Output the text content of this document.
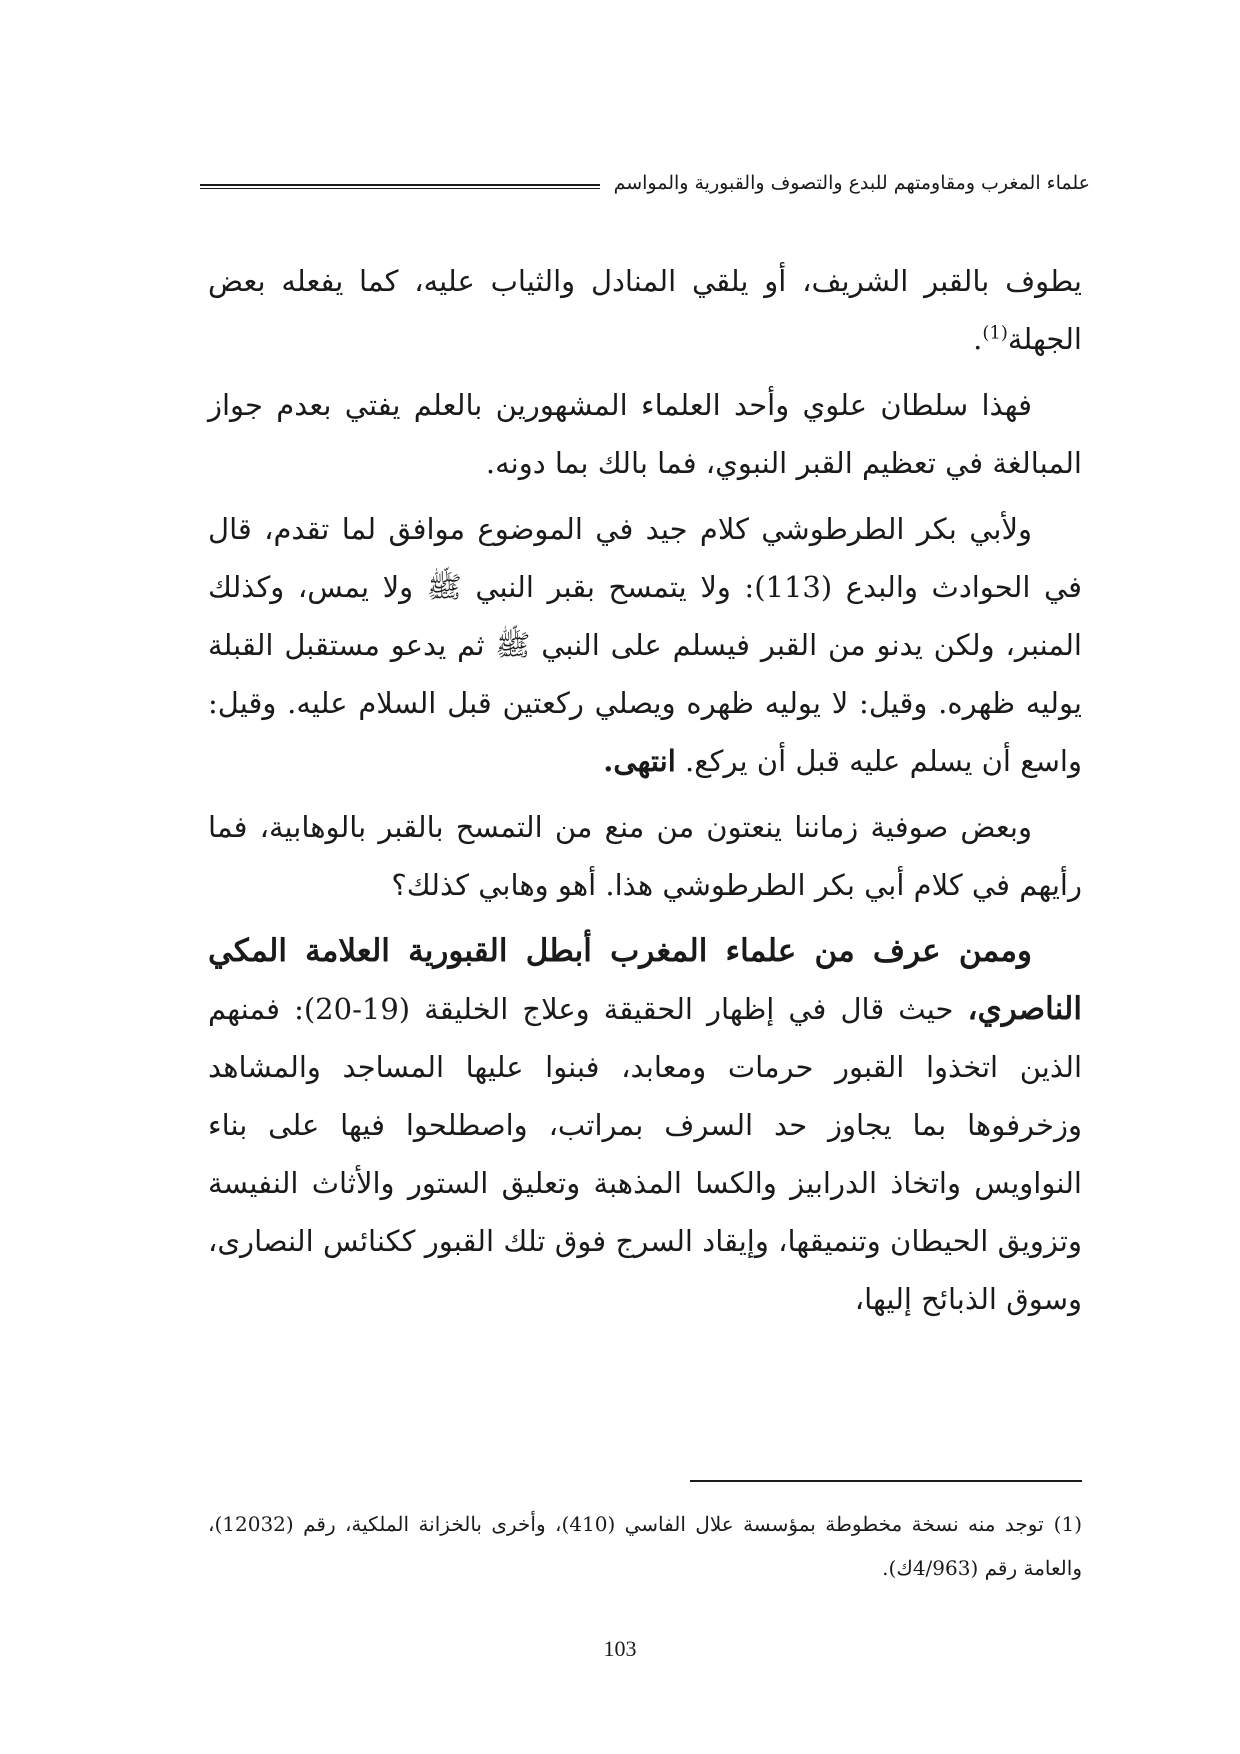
علماء المغرب ومقاومتهم للبدع والتصوف والقبورية والمواسم

يطوف بالقبر الشريف، أو يلقي المنادل والثياب عليه، كما يفعله بعض الجهلة$^{(1)}$.

فهذا سلطان علوي وأحد العلماء المشهورين بالعلم يفتي بعدم جواز المبالغة في تعظيم القبر النبوي، فما بالك بما دونه.

ولأبي بكر الطرطوشي كلام جيد في الموضوع موافق لما تقدم، قال في الحوادث والبدع (113): ولا يتمسح بقبر النبي ﷺ ولا يمس، وكذلك المنبر، ولكن يدنو من القبر فيسلم على النبي ﷺ ثم يدعو مستقبل القبلة يوليه ظهره. وقيل: لا يوليه ظهره ويصلي ركعتين قبل السلام عليه. وقيل: واسع أن يسلم عليه قبل أن يركع. انتهى.

وبعض صوفية زماننا ينعتون من منع من التمسح بالقبر بالوهابية، فما رأيهم في كلام أبي بكر الطرطوشي هذا. أهو وهابي كذلك؟

وممن عرف من علماء المغرب أبطل القبورية العلامة المكي الناصري، حيث قال في إظهار الحقيقة وعلاج الخليقة (19-20): فمنهم الذين اتخذوا القبور حرمات ومعابد، فبنوا عليها المساجد والمشاهد وزخرفوها بما يجاوز حد السرف بمراتب، واصطلحوا فيها على بناء النواويس واتخاذ الدرابيز والكسا المذهبة وتعليق الستور والأثاث النفيسة وتزويق الحيطان وتنميقها، وإيقاد السرج فوق تلك القبور ككنائس النصارى، وسوق الذبائح إليها،

(1)توجد منه نسخة مخطوطة بمؤسسة علال الفاسي (410)، وأخرى بالخزانة الملكية، رقم (12032)، والعامة رقم (4/963ك).
103
